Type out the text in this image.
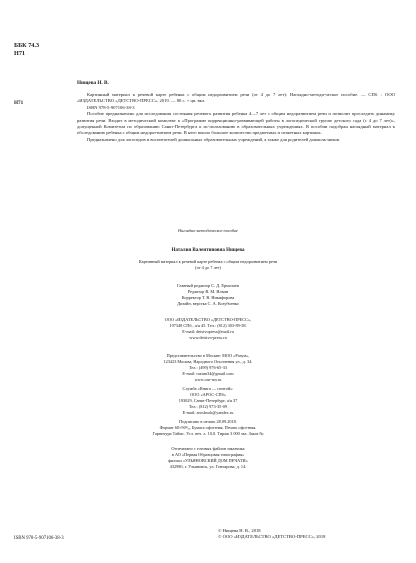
ББК 74.3
Н71
Нищева Н. В.
Н71

Картинный материал к речевой карте ребенка с общим недоразвитием речи (от 4 до 7 лет): Наглядно-методи-ческое пособие. — СПб. : ООО «ИЗДАТЕЛЬСТВО «ДЕТСТВО-ПРЕСС», 2019. — 80 с. + цв. вкл.

ISBN 978-5-907106-38-3

Пособие предназначено для исследования состояния речевого развития ребенка 4—7 лет с общим недоразвитием речи и позволит проследить динамику развития речи. Входит в методический комплект к «Программе коррекционно-развивающей работы в логопедической группе детского сада (с 4 до 7 лет)», допущенной Комитетом по образованию Санкт-Петербурга к ис-пользованию в образовательных учреждениях. В пособии подобран наглядный материал к обследованию ребенка с общим недораз-витием речи. В него вошло большое количество предметных и сюжетных картинок.

Предназначено для логопедов и воспитателей дошкольных образовательных учреждений, а также для родителей дошколь-ников.

Наглядно-методическое пособие
Наталия Валентиновна Нищева
Картинный материал к речевой карте ребенка с общим недоразвитием речи
(от 4 до 7 лет)
Главный редактор С. Д. Ермолаев
Редактор В. М. Ильин
Корректор Т. В. Никифорова
Дизайн, верстка С. А. Козубченко
ООО «ИЗДАТЕЛЬСТВО «ДЕТСТВО-ПРЕСС»,
197348 СПб., а/я 45. Тел.: (812) 303-89-58.
E-mail: detstvopress@mail.ru
www.detstvo-press.ru
Представительство в Москве: МОО «Разум»,
123423 Москва, Народного Ополчения ул., д. 34.
Тел.: (499) 976-65-33
E-mail: razum34@gmail.com
www.our-sm.ru
Служба «Книга — почтой»:
ООО «АРОС-СПб»
193029, Санкт-Петербург, а/я 37
Тел.: (812) 973-35-09
E-mail: arosbook@yandex.ru
Подписано в печать 28.09.2018.
Формат 60×90¹/₈. Бумага офсетная. Печать офсетная.
Гарнитура Таймс. Усл. печ. л. 10,0. Тираж 3 000 экз. Заказ №
Отпечатано с готовых файлов заказчика
в АО «Первая Образцовая типография»
филиал «УЛЬЯНОВСКИЙ ДОМ ПЕЧАТИ»
432980, г. Ульяновск, ул. Гончарова, д. 14.
ISBN 978-5-907106-38-3
© Нищева Н. В., 2018
© ООО «ИЗДАТЕЛЬСТВО «ДЕТСТВО-ПРЕСС», 2018
